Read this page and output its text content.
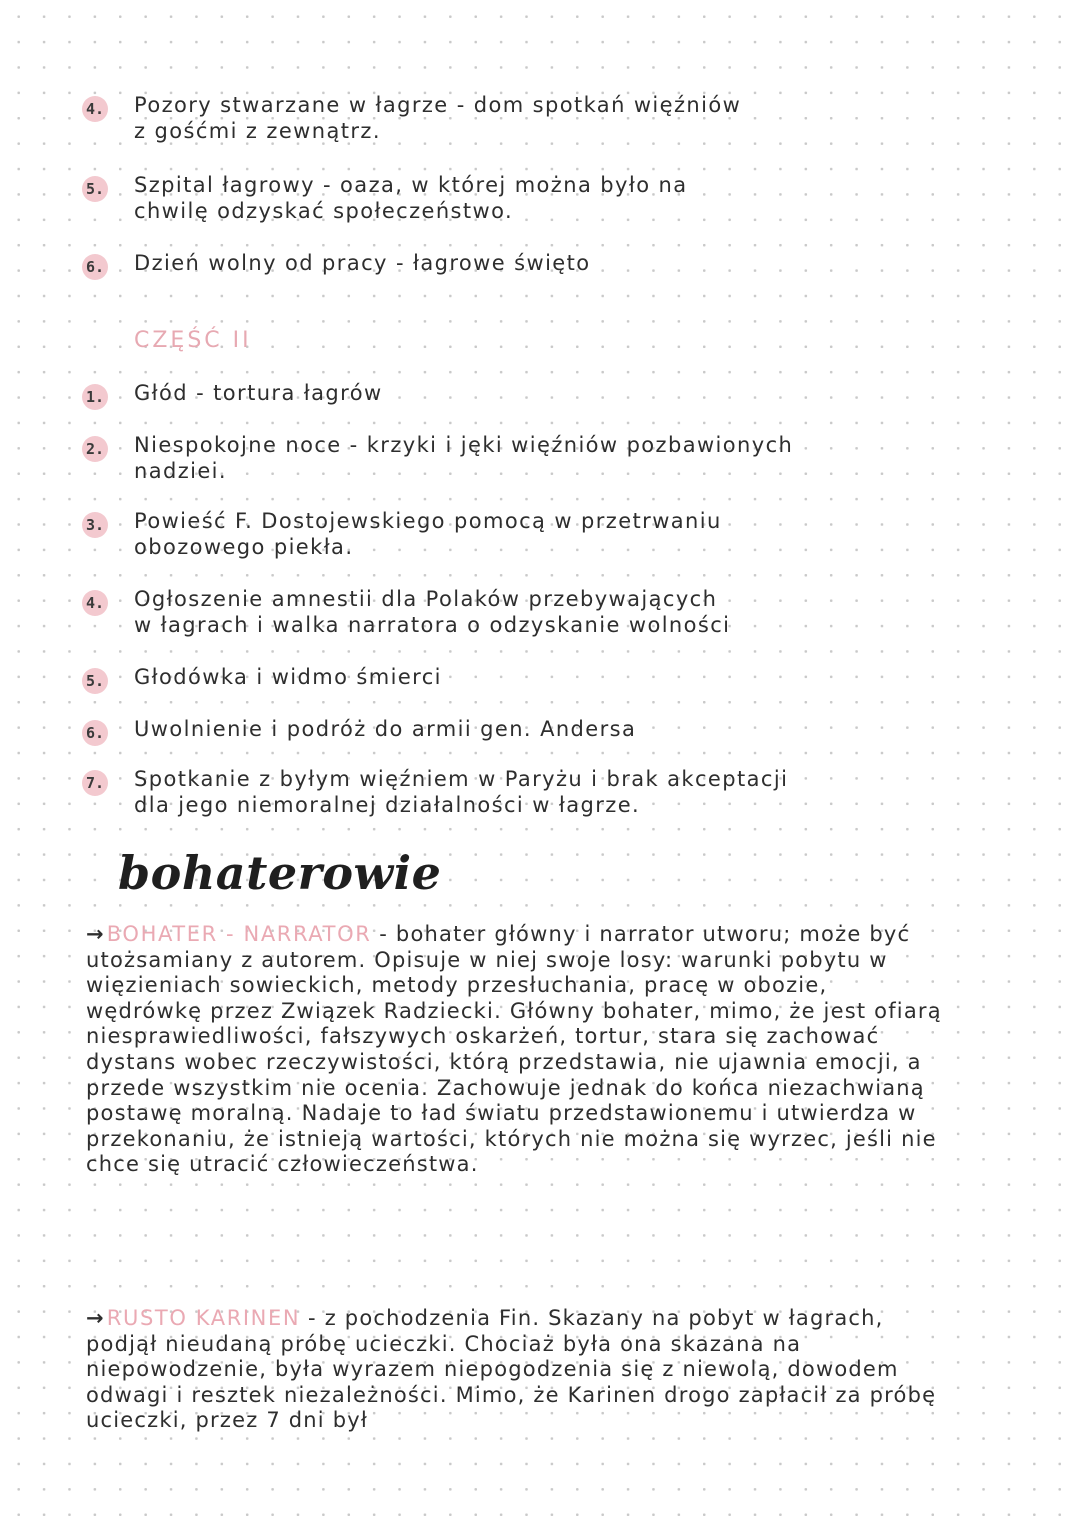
4. Pozory stwarzane w łagrze - dom spotkań więźniów
z gośćmi z zewnątrz.
5. Szpital łagrowy - oaza, w której można było na
chwilę odzyskać społeczeństwo.
6. Dzień wolny od pracy - łagrowe święto
CZĘŚĆ II
1. Głód - tortura łagrów
2. Niespokojne noce - krzyki i jęki więźniów pozbawionych
nadziei.
3. Powieść F. Dostojewskiego pomocą w przetrwaniu
obozowego piekła.
4. Ogłoszenie amnestii dla Polaków przebywających
w łagrach i walka narratora o odzyskanie wolności
5. Głodówka i widmo śmierci
6. Uwolnienie i podróż do armii gen. Andersa
7. Spotkanie z byłym więźniem w Paryżu i brak akceptacji
dla jego niemoralnej działalności w łagrze.
bohaterowie

→BOHATER - NARRATOR - bohater główny i narrator utworu; może być utożsamiany z autorem. Opisuje w niej swoje losy: warunki pobytu w więzieniach sowieckich, metody przesłuchania, pracę w obozie, wędrówkę przez Związek Radziecki. Główny bohater, mimo, że jest ofiarą niesprawiedliwości, fałszywych oskarżeń, tortur, stara się zachować dystans wobec rzeczywistości, którą przedstawia, nie ujawnia emocji, a przede wszystkim nie ocenia. Zachowuje jednak do końca niezachwianą postawę moralną. Nadaje to ład światu przedstawionemu i utwierdza w przekonaniu, że istnieją wartości, których nie można się wyrzec, jeśli nie chce się utracić człowieczeństwa.

→RUSTO KARINEN - z pochodzenia Fin. Skazany na pobyt w łagrach, podjął nieudaną próbę ucieczki. Chociaż była ona skazana na niepowodzenie, była wyrazem niepogodzenia się z niewolą, dowodem odwagi i resztek niezależności. Mimo, że Karinen drogo zapłacił za próbę ucieczki, przez 7 dni był
